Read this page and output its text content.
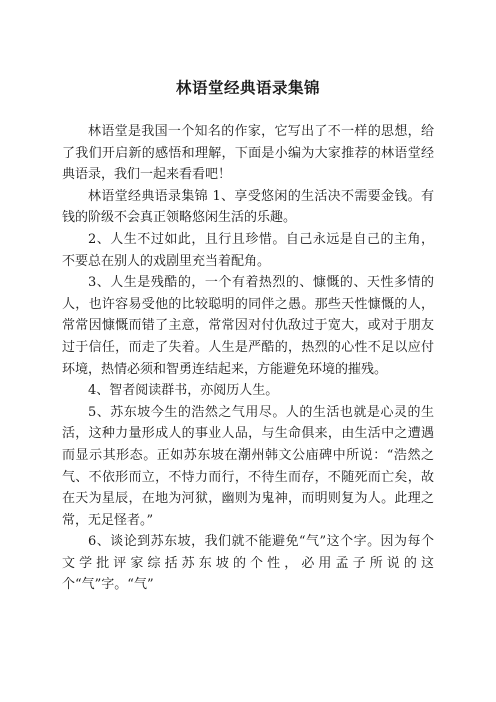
林语堂经典语录集锦

林语堂是我国一个知名的作家，它写出了不一样的思想，给了我们开启新的感悟和理解，下面是小编为大家推荐的林语堂经典语录，我们一起来看看吧！

林语堂经典语录集锦 1、享受悠闲的生活决不需要金钱。有钱的阶级不会真正领略悠闲生活的乐趣。

2、人生不过如此，且行且珍惜。自己永远是自己的主角，不要总在别人的戏剧里充当着配角。

3、人生是残酷的，一个有着热烈的、慷慨的、天性多情的人，也许容易受他的比较聪明的同伴之愚。那些天性慷慨的人，常常因慷慨而错了主意，常常因对付仇敌过于宽大，或对于朋友过于信任，而走了失着。人生是严酷的，热烈的心性不足以应付环境，热情必须和智勇连结起来，方能避免环境的摧残。

4、智者阅读群书，亦阅历人生。

5、苏东坡今生的浩然之气用尽。人的生活也就是心灵的生活，这种力量形成人的事业人品，与生命俱来，由生活中之遭遇而显示其形态。正如苏东坡在潮州韩文公庙碑中所说：“浩然之气、不依形而立，不恃力而行，不待生而存，不随死而亡矣，故在天为星辰，在地为河狱，幽则为鬼神，而明则复为人。此理之常，无足怪者。”

6、谈论到苏东坡，我们就不能避免“气”这个字。因为每个文学批评家综括苏东坡的个性，必用孟子所说的这个“气”字。“气”
